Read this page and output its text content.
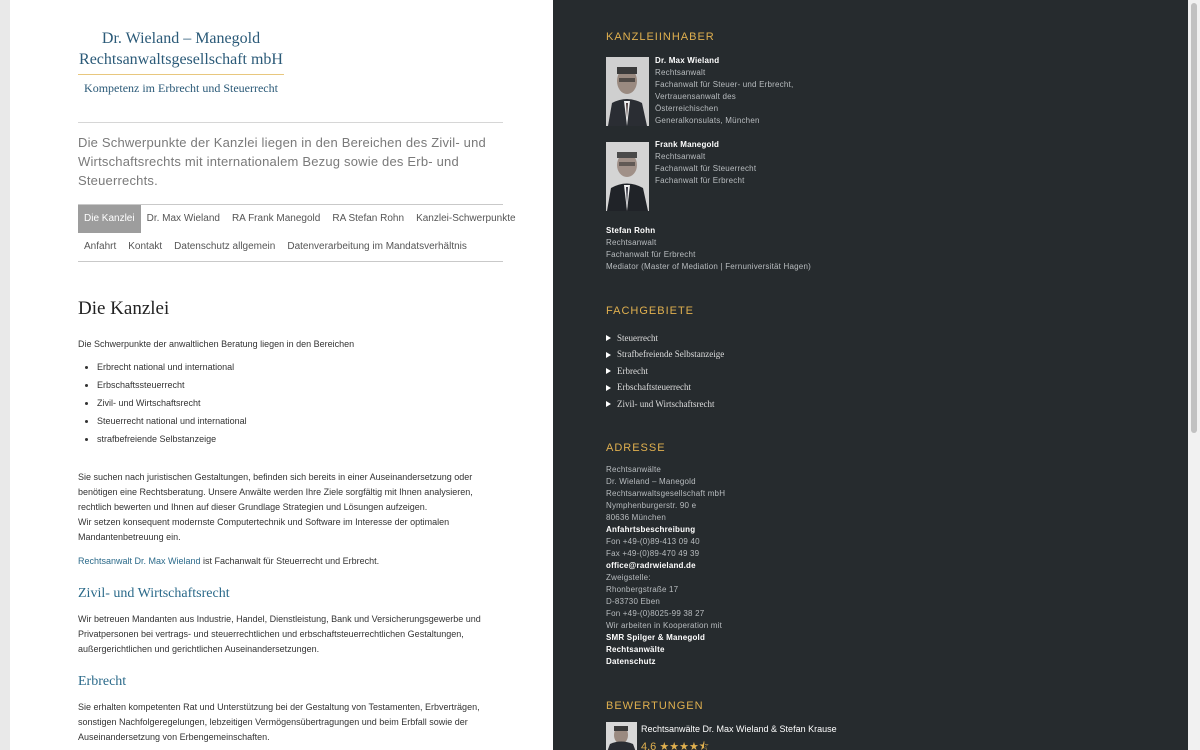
Dr. Wieland – Manegold
Rechtsanwaltsgesellschaft mbH
Kompetenz im Erbrecht und Steuerrecht
Die Schwerpunkte der Kanzlei liegen in den Bereichen des Zivil- und Wirtschaftsrechts mit internationalem Bezug sowie des Erb- und Steuerrechts.
Die Kanzlei	Dr. Max Wieland	RA Frank Manegold	RA Stefan Rohn	Kanzlei-Schwerpunkte
Anfahrt	Kontakt	Datenschutz allgemein	Datenverarbeitung im Mandatsverhältnis
Die Kanzlei
Die Schwerpunkte der anwaltlichen Beratung liegen in den Bereichen
• Erbrecht national und international
• Erbschaftssteuerrecht
• Zivil- und Wirtschaftsrecht
• Steuerrecht national und international
• strafbefreiende Selbstanzeige
Sie suchen nach juristischen Gestaltungen, befinden sich bereits in einer Auseinandersetzung oder benötigen eine Rechtsberatung. Unsere Anwälte werden Ihre Ziele sorgfältig mit Ihnen analysieren, rechtlich bewerten und Ihnen auf dieser Grundlage Strategien und Lösungen aufzeigen.
Wir setzen konsequent modernste Computertechnik und Software im Interesse der optimalen Mandantenbetreuung ein.
Rechtsanwalt Dr. Max Wieland ist Fachanwalt für Steuerrecht und Erbrecht.
Zivil- und Wirtschaftsrecht
Wir betreuen Mandanten aus Industrie, Handel, Dienstleistung, Bank und Versicherungsgewerbe und Privatpersonen bei vertrags- und steuerrechtlichen und erbschaftsteuerrechtlichen Gestaltungen, außergerichtlichen und gerichtlichen Auseinandersetzungen.
Erbrecht
Sie erhalten kompetenten Rat und Unterstützung bei der Gestaltung von Testamenten, Erbverträgen, sonstigen Nachfolgeregelungen, lebzeitigen Vermögensübertragungen und beim Erbfall sowie der Auseinandersetzung von Erbengemeinschaften.
KANZLEIINHABER
Dr. Max Wieland
Rechtsanwalt
Fachanwalt für Steuer- und Erbrecht,
Vertrauensanwalt des
Österreichischen
Generalkonsulats, München
Frank Manegold
Rechtsanwalt
Fachanwalt für Steuerrecht
Fachanwalt für Erbrecht
Stefan Rohn
Rechtsanwalt
Fachanwalt für Erbrecht
Mediator (Master of Mediation | Fernuniversität Hagen)
FACHGEBIETE
Steuerrecht
Strafbefreiende Selbstanzeige
Erbrecht
Erbschaftsteuerrecht
Zivil- und Wirtschaftsrecht
ADRESSE
Rechtsanwälte
Dr. Wieland – Manegold
Rechtsanwaltsgesellschaft mbH
Nymphenburgerstr. 90 e
80636 München
Anfahrtsbeschreibung
Fon +49-(0)89-413 09 40
Fax +49-(0)89-470 49 39
office@radrwieland.de
Zweigstelle:
Rhonbergstraße 17
D-83730 Eben
Fon +49-(0)8025-99 38 27
Wir arbeiten in Kooperation mit
SMR Spilger & Manegold
Rechtsanwälte
Datenschutz
BEWERTUNGEN
Rechtsanwälte Dr. Max Wieland & Stefan Krause
4.6 ★★★★⯪
